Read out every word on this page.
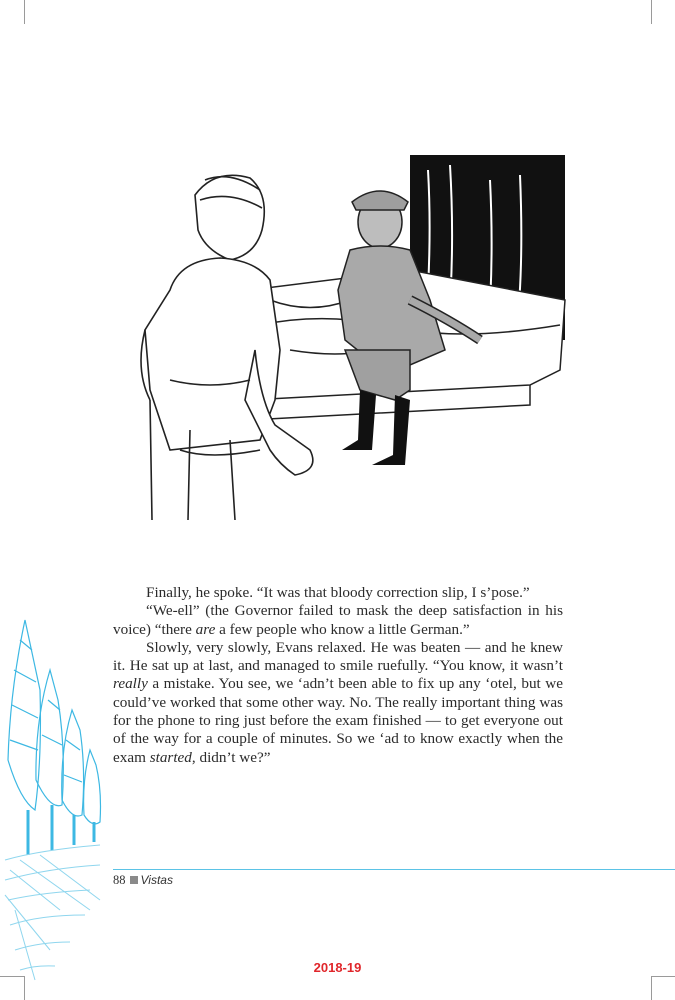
Finally, he spoke. “It was that bloody correction slip, I s’pose.”

“We-ell” (the Governor failed to mask the deep satisfaction in his voice) “there are a few people who know a little German.”

Slowly, very slowly, Evans relaxed. He was beaten — and he knew it. He sat up at last, and managed to smile ruefully. “You know, it wasn’t really a mistake. You see, we ‘adn’t been able to fix up any ‘otel, but we could’ve worked that some other way. No. The really important thing was for the phone to ring just before the exam finished — to get everyone out of the way for a couple of minutes. So we ‘ad to know exactly when the exam started, didn’t we?”

88 Vistas
2018-19
